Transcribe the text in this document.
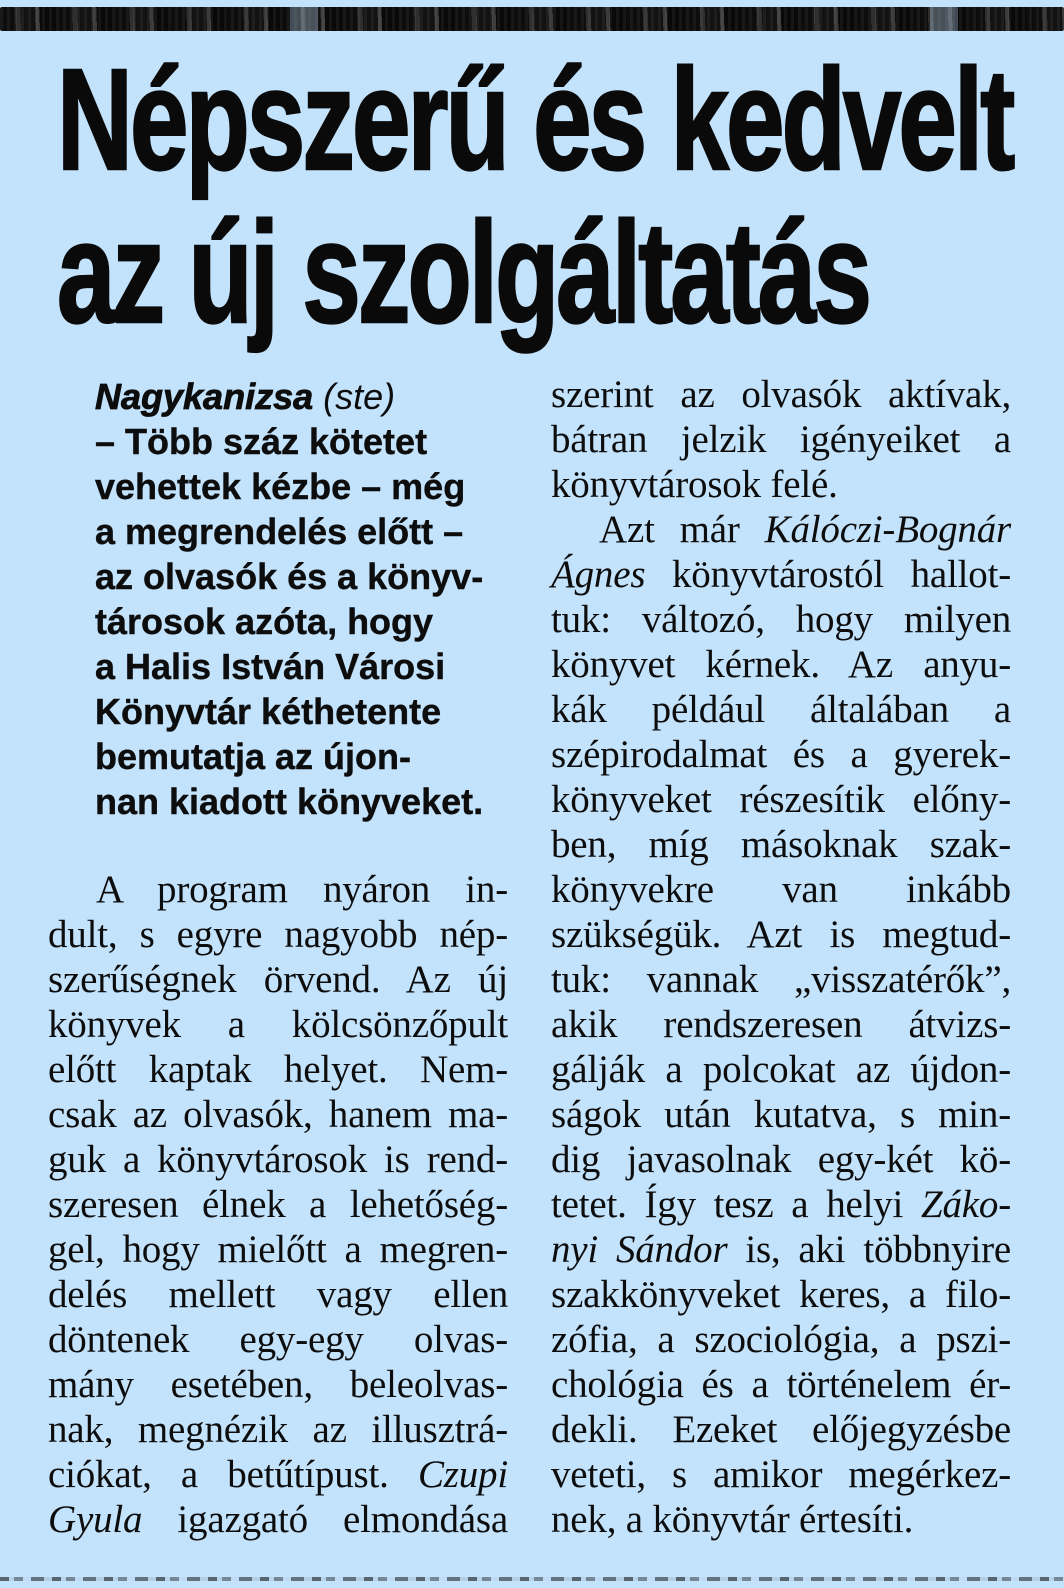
Népszerű és kedvelt
az új szolgáltatás
Nagykanizsa (ste)
– Több száz kötetet
vehettek kézbe – még
a megrendelés előtt –
az olvasók és a könyv-
tárosok azóta, hogy
a Halis István Városi
Könyvtár kéthetente
bemutatja az újon-
nan kiadott könyveket.
A program nyáron in-
dult, s egyre nagyobb nép-
szerűségnek örvend. Az új
könyvek a kölcsönzőpult
előtt kaptak helyet. Nem-
csak az olvasók, hanem ma-
guk a könyvtárosok is rend-
szeresen élnek a lehetőség-
gel, hogy mielőtt a megren-
delés mellett vagy ellen
döntenek egy-egy olvas-
mány esetében, beleolvas-
nak, megnézik az illusztrá-
ciókat, a betűtípust. Czupi
Gyula igazgató elmondása
szerint az olvasók aktívak,
bátran jelzik igényeiket a
könyvtárosok felé.
Azt már Kálóczi-Bognár
Ágnes könyvtárostól hallot-
tuk: változó, hogy milyen
könyvet kérnek. Az anyu-
kák például általában a
szépirodalmat és a gyerek-
könyveket részesítik előny-
ben, míg másoknak szak-
könyvekre van inkább
szükségük. Azt is megtud-
tuk: vannak „visszatérők”,
akik rendszeresen átvizs-
gálják a polcokat az újdon-
ságok után kutatva, s min-
dig javasolnak egy-két kö-
tetet. Így tesz a helyi Záko-
nyi Sándor is, aki többnyire
szakkönyveket keres, a filo-
zófia, a szociológia, a pszi-
chológia és a történelem ér-
dekli. Ezeket előjegyzésbe
veteti, s amikor megérkez-
nek, a könyvtár értesíti.
